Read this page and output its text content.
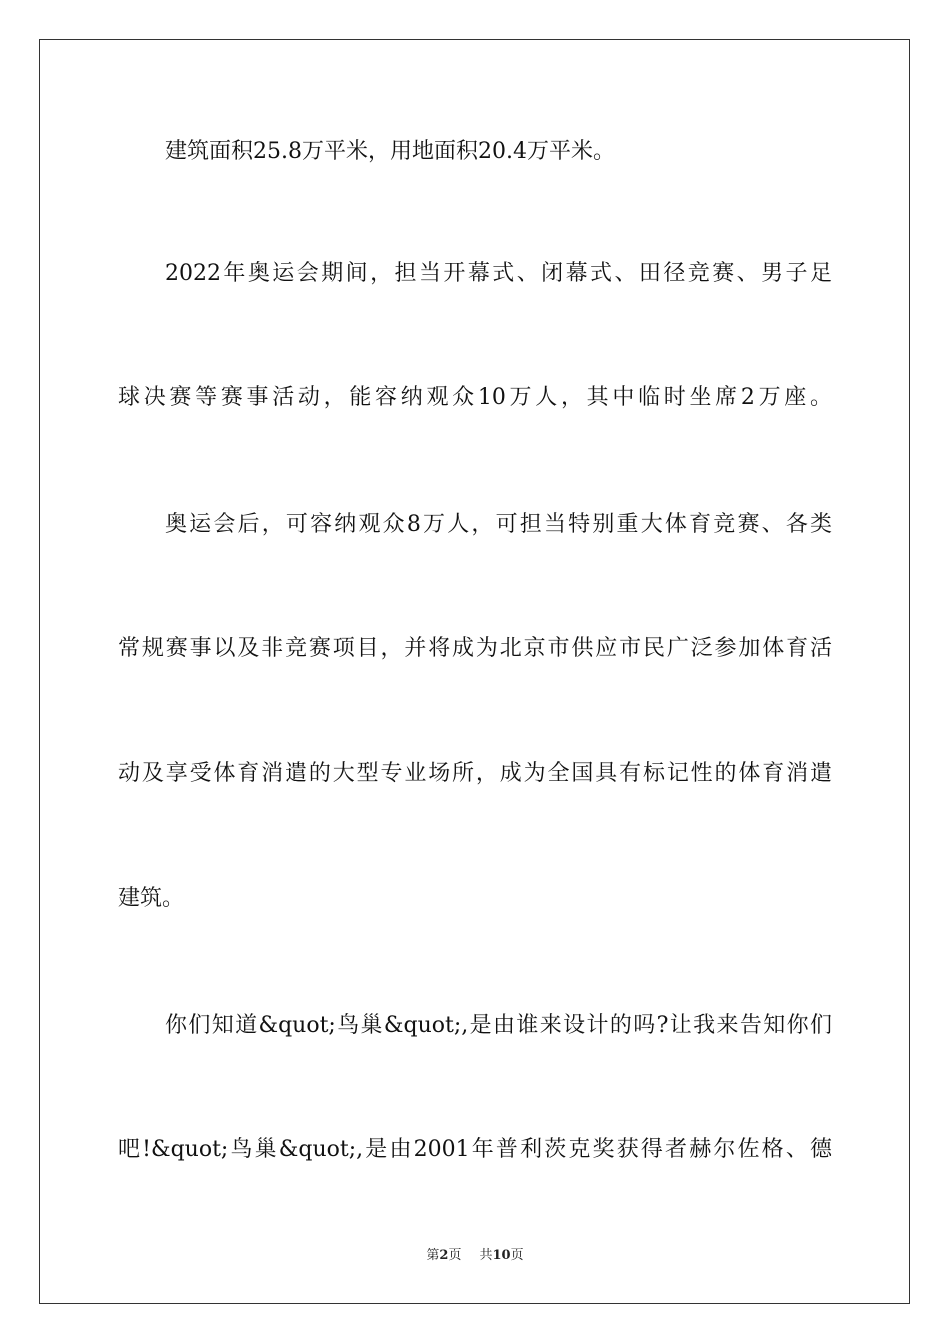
建筑面积25.8万平米，用地面积20.4万平米。
2022年奥运会期间，担当开幕式、闭幕式、田径竞赛、男子足
球决赛等赛事活动，能容纳观众10万人，其中临时坐席2万座。
奥运会后，可容纳观众8万人，可担当特别重大体育竞赛、各类
常规赛事以及非竞赛项目，并将成为北京市供应市民广泛参加体育活
动及享受体育消遣的大型专业场所，成为全国具有标记性的体育消遣
建筑。
你们知道&quot;鸟巢&quot;,是由谁来设计的吗?让我来告知你们
吧!&quot;鸟巢&quot;,是由2001年普利茨克奖获得者赫尔佐格、德
第2页 共10页
